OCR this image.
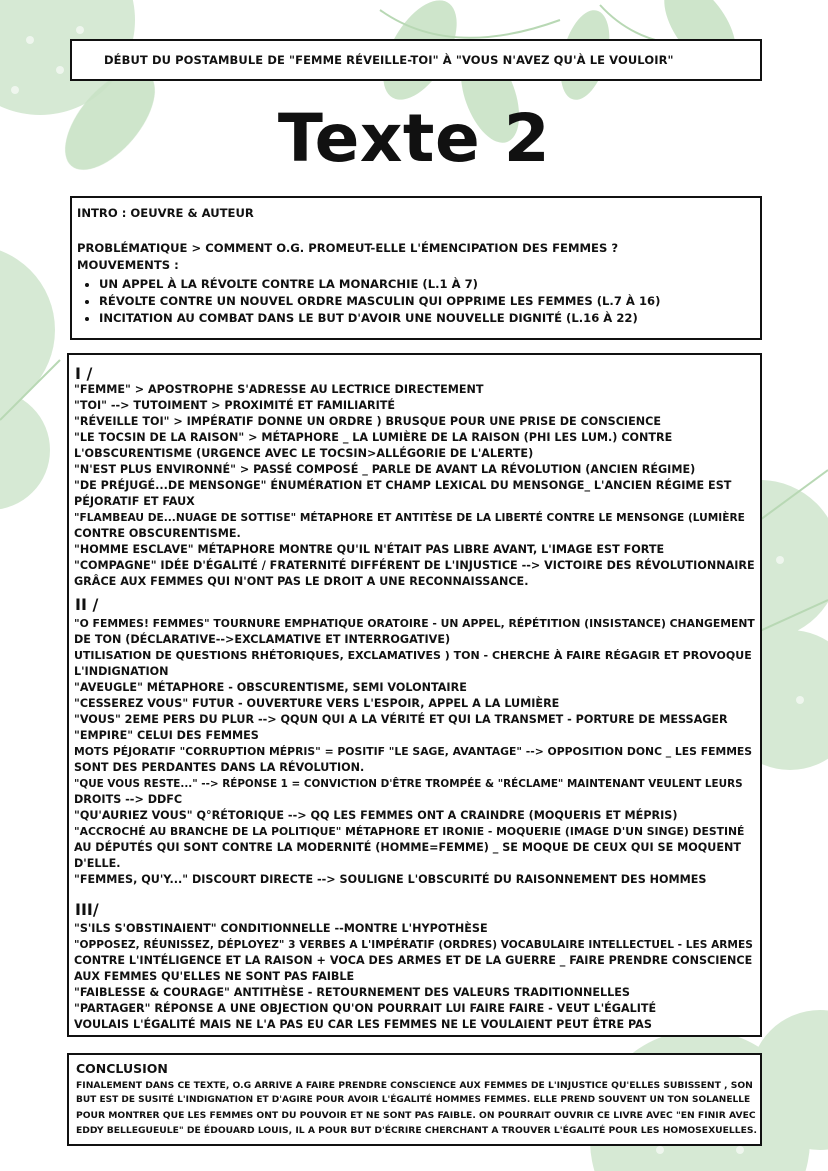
DÉBUT DU POSTAMBULE DE "FEMME RÉVEILLE-TOI" À "VOUS N'AVEZ QU'À LE VOULOIR"
Texte 2
INTRO : OEUVRE & AUTEUR
PROBLÉMATIQUE > COMMENT O.G. PROMEUT-ELLE L'ÉMENCIPATION DES FEMMES ?
MOUVEMENTS :
• UN APPEL À LA RÉVOLTE CONTRE LA MONARCHIE (L.1 À 7)
• RÉVOLTE CONTRE UN NOUVEL ORDRE MASCULIN QUI OPPRIME LES FEMMES (L.7 À 16)
• INCITATION AU COMBAT DANS LE BUT D'AVOIR UNE NOUVELLE DIGNITÉ (L.16 À 22)
I /
"FEMME" > APOSTROPHE S'ADRESSE AU LECTRICE DIRECTEMENT
"TOI" --> TUTOIMENT > PROXIMITÉ ET FAMILIARITÉ
"RÉVEILLE TOI" > IMPÉRATIF DONNE UN ORDRE ) BRUSQUE POUR UNE PRISE DE CONSCIENCE
"LE TOCSIN DE LA RAISON" > MÉTAPHORE _ LA LUMIÈRE DE LA RAISON (PHI LES LUM.) CONTRE
L'OBSCURENTISME (URGENCE AVEC LE TOCSIN>ALLÉGORIE DE L'ALERTE)
"N'EST PLUS ENVIRONNÉ" > PASSÉ COMPOSÉ _ PARLE DE AVANT LA RÉVOLUTION (ANCIEN RÉGIME)
"DE PRÉJUGÉ...DE MENSONGE" ÉNUMÉRATION ET CHAMP LEXICAL DU MENSONGE_ L'ANCIEN RÉGIME EST
PÉJORATIF ET FAUX
"FLAMBEAU DE...NUAGE DE SOTTISE" MÉTAPHORE ET ANTITÈSE DE LA LIBERTÉ CONTRE LE MENSONGE (LUMIÈRE
CONTRE OBSCURENTISME.
"HOMME ESCLAVE" MÉTAPHORE MONTRE QU'IL N'ÉTAIT PAS LIBRE AVANT, L'IMAGE EST FORTE
"COMPAGNE" IDÉE D'ÉGALITÉ / FRATERNITÉ DIFFÉRENT DE L'INJUSTICE --> VICTOIRE DES RÉVOLUTIONNAIRE
GRÂCE AUX FEMMES QUI N'ONT PAS LE DROIT A UNE RECONNAISSANCE.
II /
"O FEMMES! FEMMES" TOURNURE EMPHATIQUE ORATOIRE - UN APPEL, RÉPÉTITION (INSISTANCE) CHANGEMENT
DE TON (DÉCLARATIVE-->EXCLAMATIVE ET INTERROGATIVE)
UTILISATION DE QUESTIONS RHÉTORIQUES, EXCLAMATIVES ) TON - CHERCHE À FAIRE RÉGAGIR ET PROVOQUE
L'INDIGNATION
"AVEUGLE" MÉTAPHORE - OBSCURENTISME, SEMI VOLONTAIRE
"CESSEREZ VOUS" FUTUR - OUVERTURE VERS L'ESPOIR, APPEL A LA LUMIÈRE
"VOUS" 2EME PERS DU PLUR --> QQUN QUI A LA VÉRITÉ ET QUI LA TRANSMET - PORTURE DE MESSAGER
"EMPIRE" CELUI DES FEMMES
MOTS PÉJORATIF "CORRUPTION MÉPRIS" = POSITIF "LE SAGE, AVANTAGE" --> OPPOSITION DONC _ LES FEMMES
SONT DES PERDANTES DANS LA RÉVOLUTION.
"QUE VOUS RESTE..." --> RÉPONSE 1 = CONVICTION D'ÊTRE TROMPÉE & "RÉCLAME" MAINTENANT VEULENT LEURS
DROITS --> DDFC
"QU'AURIEZ VOUS" Q°RÉTORIQUE --> QQ LES FEMMES ONT A CRAINDRE (MOQUERIS ET MÉPRIS)
"ACCROCHÉ AU BRANCHE DE LA POLITIQUE" MÉTAPHORE ET IRONIE - MOQUERIE (IMAGE D'UN SINGE) DESTINÉ
AU DÉPUTÉS QUI SONT CONTRE LA MODERNITÉ (HOMME=FEMME) _ SE MOQUE DE CEUX QUI SE MOQUENT
D'ELLE.
"FEMMES, QU'Y..." DISCOURT DIRECTE --> SOULIGNE L'OBSCURITÉ DU RAISONNEMENT DES HOMMES
III/
"S'ILS S'OBSTINAIENT" CONDITIONNELLE --MONTRE L'HYPOTHÈSE
"OPPOSEZ, RÉUNISSEZ, DÉPLOYEZ" 3 VERBES A L'IMPÉRATIF (ORDRES) VOCABULAIRE INTELLECTUEL - LES ARMES
CONTRE L'INTÉLIGENCE ET LA RAISON + VOCA DES ARMES ET DE LA GUERRE _ FAIRE PRENDRE CONSCIENCE
AUX FEMMES QU'ELLES NE SONT PAS FAIBLE
"FAIBLESSE & COURAGE" ANTITHÈSE - RETOURNEMENT DES VALEURS TRADITIONNELLES
"PARTAGER" RÉPONSE A UNE OBJECTION QU'ON POURRAIT LUI FAIRE FAIRE - VEUT L'ÉGALITÉ
VOULAIS L'ÉGALITÉ MAIS NE L'A PAS EU CAR LES FEMMES NE LE VOULAIENT PEUT ÊTRE PAS
CONCLUSION
FINALEMENT DANS CE TEXTE, O.G ARRIVE A FAIRE PRENDRE CONSCIENCE AUX FEMMES DE L'INJUSTICE QU'ELLES SUBISSENT , SON
BUT EST DE SUSITÉ L'INDIGNATION ET D'AGIRE POUR AVOIR L'ÉGALITÉ HOMMES FEMMES. ELLE PREND SOUVENT UN TON SOLANELLE
POUR MONTRER QUE LES FEMMES ONT DU POUVOIR ET NE SONT PAS FAIBLE. ON POURRAIT OUVRIR CE LIVRE AVEC "EN FINIR AVEC
EDDY BELLEGUEULE" DE ÉDOUARD LOUIS, IL A POUR BUT D'ÉCRIRE CHERCHANT A TROUVER L'ÉGALITÉ POUR LES HOMOSEXUELLES.
